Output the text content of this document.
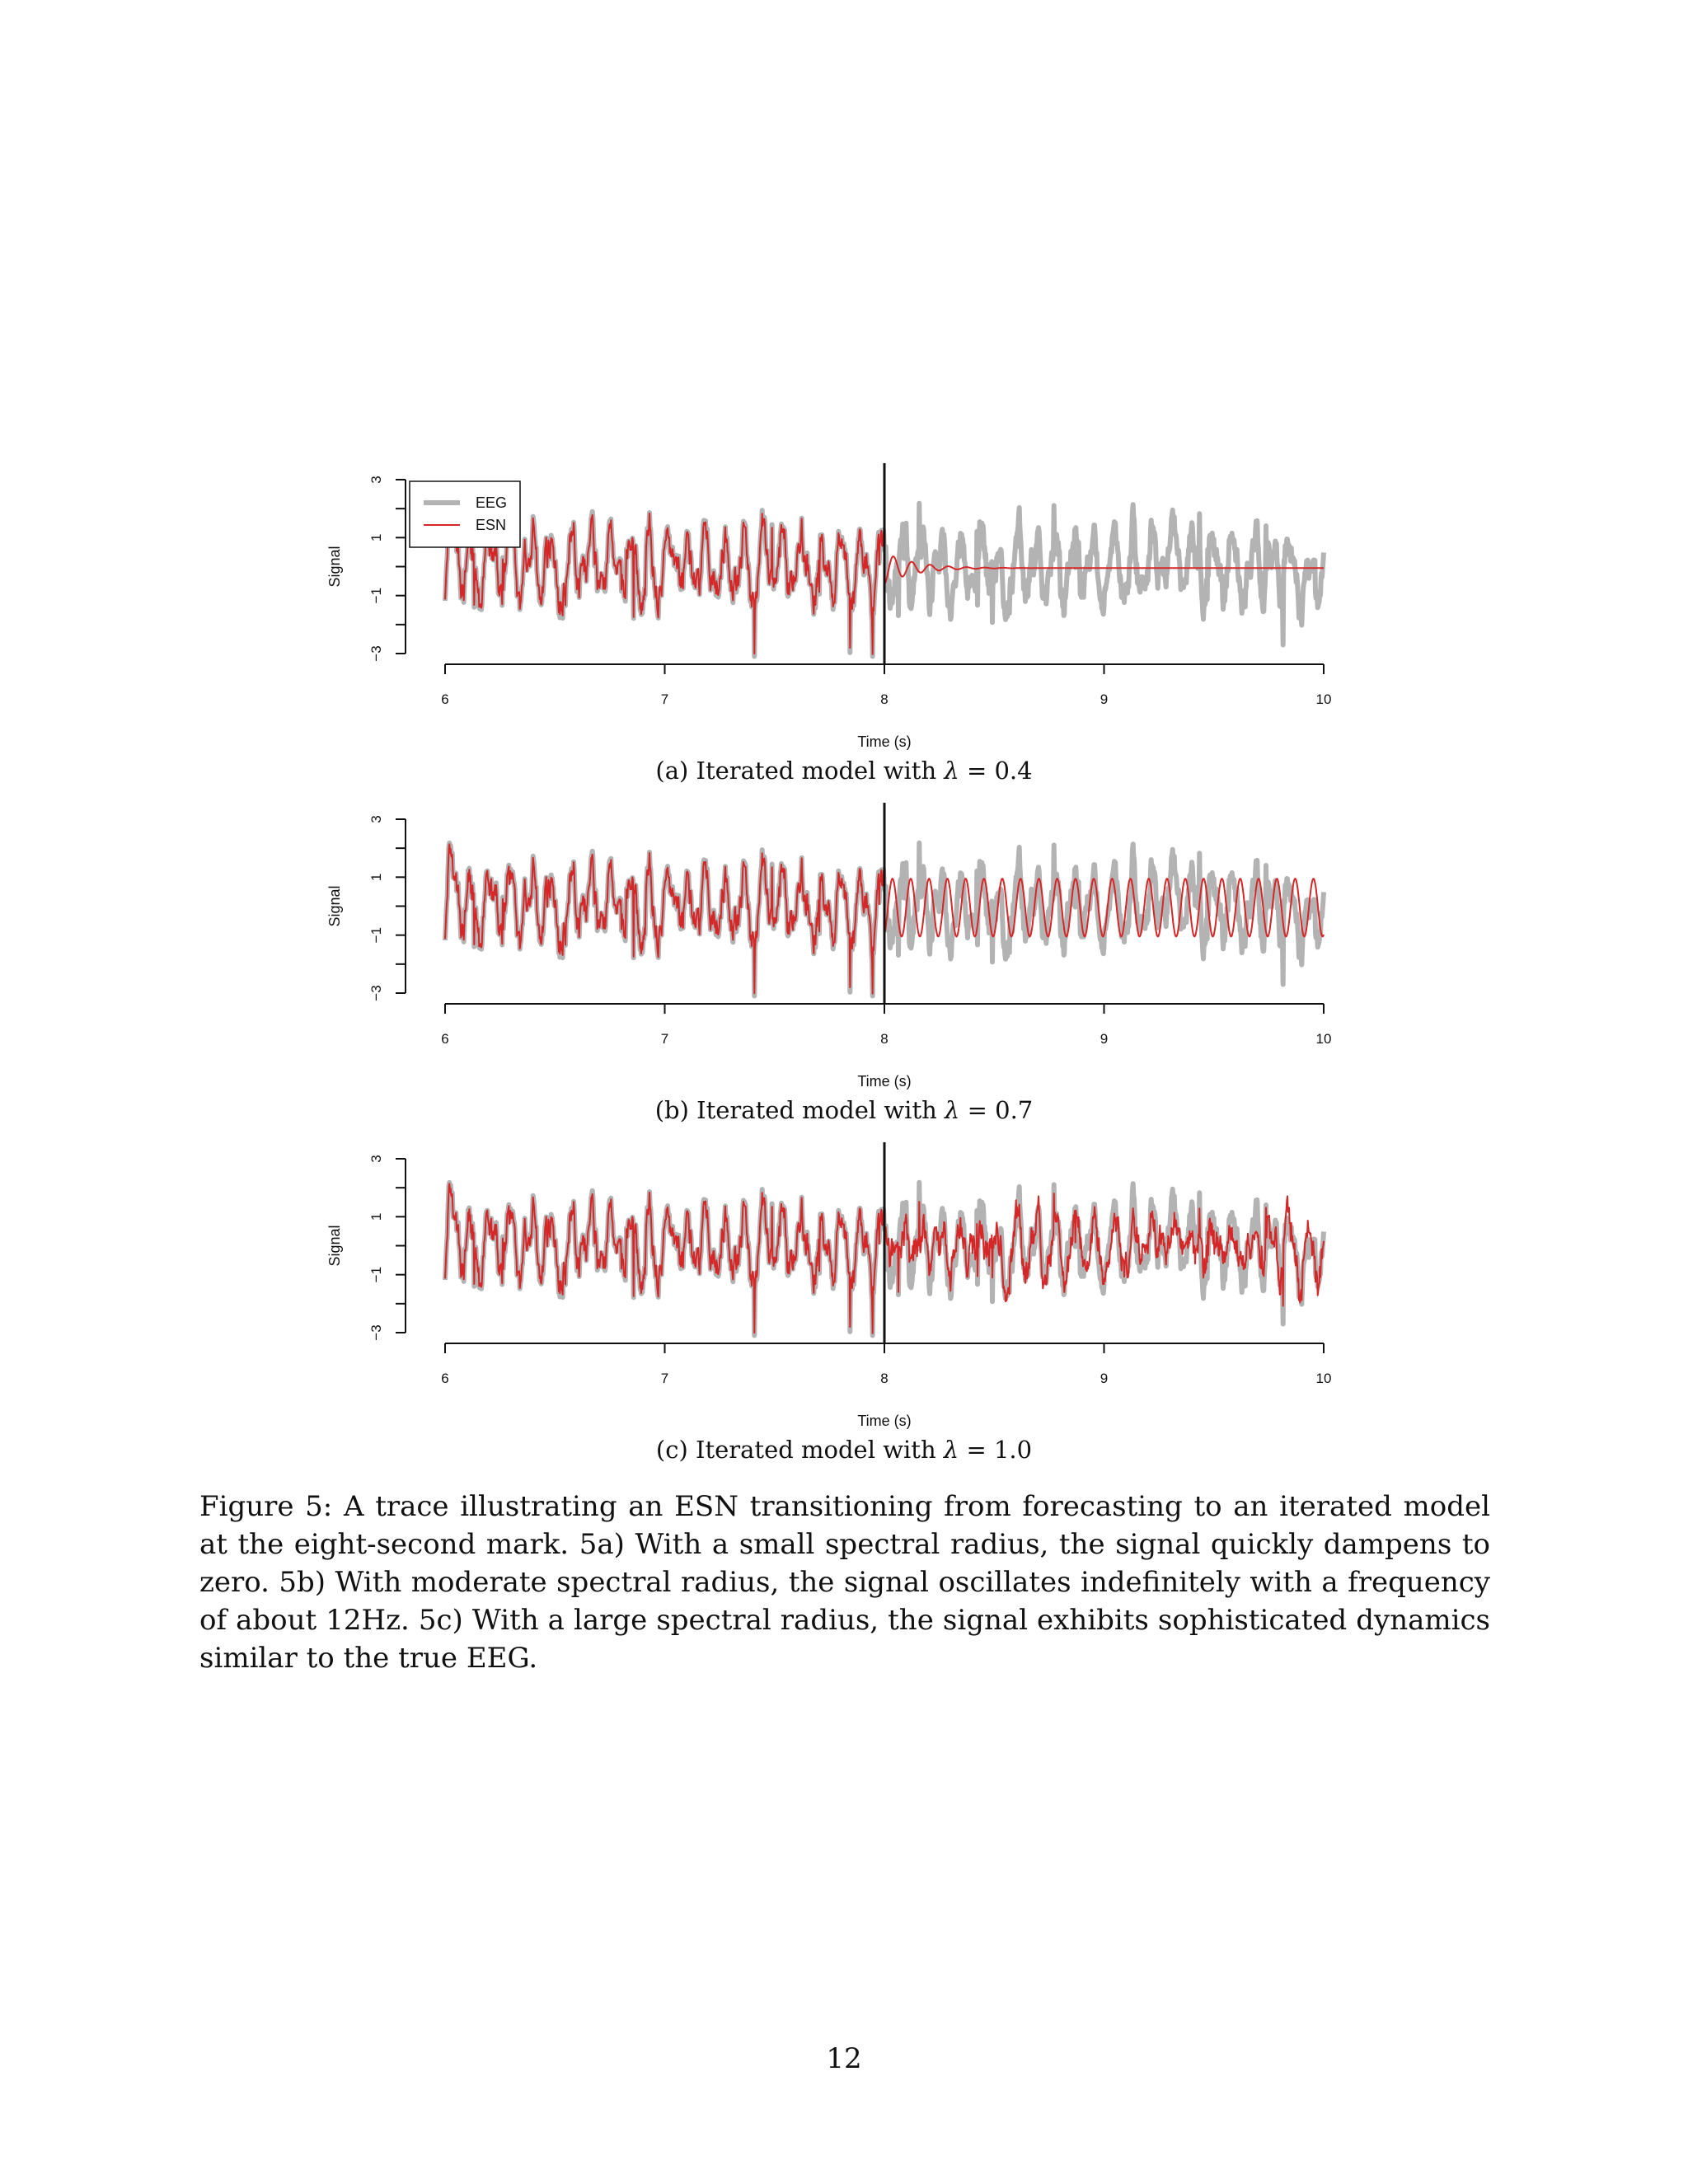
6	7	8	9	10
Time (s)
−3
−1
1
3
Signal
EEG
ESN
(a) Iterated model with λ = 0.4
6	7	8	9	10
Time (s)
−3
−1
1
3
Signal
(b) Iterated model with λ = 0.7
6	7	8	9	10
Time (s)
−3
−1
1
3
Signal
(c) Iterated model with λ = 1.0
Figure 5: A trace illustrating an ESN transitioning from forecasting to an iterated model at the eight-second mark. 5a) With a small spectral radius, the signal quickly dampens to zero. 5b) With moderate spectral radius, the signal oscillates indefinitely with a frequency of about 12Hz. 5c) With a large spectral radius, the signal exhibits sophisticated dynamics similar to the true EEG.
12
